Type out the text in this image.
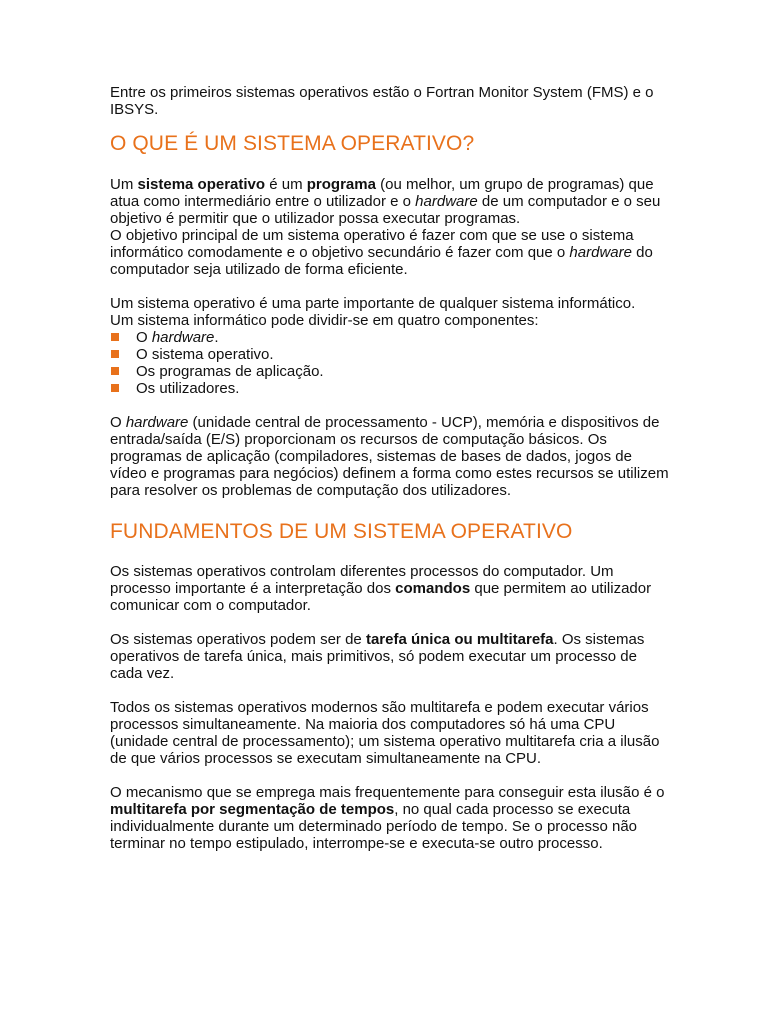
Entre os primeiros sistemas operativos estão o Fortran Monitor System (FMS) e o IBSYS.

O QUE É UM SISTEMA OPERATIVO?

Um sistema operativo é um programa (ou melhor, um grupo de programas) que atua como intermediário entre o utilizador e o hardware de um computador e o seu objetivo é permitir que o utilizador possa executar programas.

O objetivo principal de um sistema operativo é fazer com que se use o sistema informático comodamente e o objetivo secundário é fazer com que o hardware do computador seja utilizado de forma eficiente.

Um sistema operativo é uma parte importante de qualquer sistema informático.

Um sistema informático pode dividir-se em quatro componentes:

O hardware.
O sistema operativo.
Os programas de aplicação.
Os utilizadores.

O hardware (unidade central de processamento - UCP), memória e dispositivos de entrada/saída (E/S) proporcionam os recursos de computação básicos. Os programas de aplicação (compiladores, sistemas de bases de dados, jogos de vídeo e programas para negócios) definem a forma como estes recursos se utilizem para resolver os problemas de computação dos utilizadores.

FUNDAMENTOS DE UM SISTEMA OPERATIVO

Os sistemas operativos controlam diferentes processos do computador. Um processo importante é a interpretação dos comandos que permitem ao utilizador comunicar com o computador.

Os sistemas operativos podem ser de tarefa única ou multitarefa. Os sistemas operativos de tarefa única, mais primitivos, só podem executar um processo de cada vez.

Todos os sistemas operativos modernos são multitarefa e podem executar vários processos simultaneamente. Na maioria dos computadores só há uma CPU (unidade central de processamento); um sistema operativo multitarefa cria a ilusão de que vários processos se executam simultaneamente na CPU.

O mecanismo que se emprega mais frequentemente para conseguir esta ilusão é o multitarefa por segmentação de tempos, no qual cada processo se executa individualmente durante um determinado período de tempo. Se o processo não terminar no tempo estipulado, interrompe-se e executa-se outro processo.
